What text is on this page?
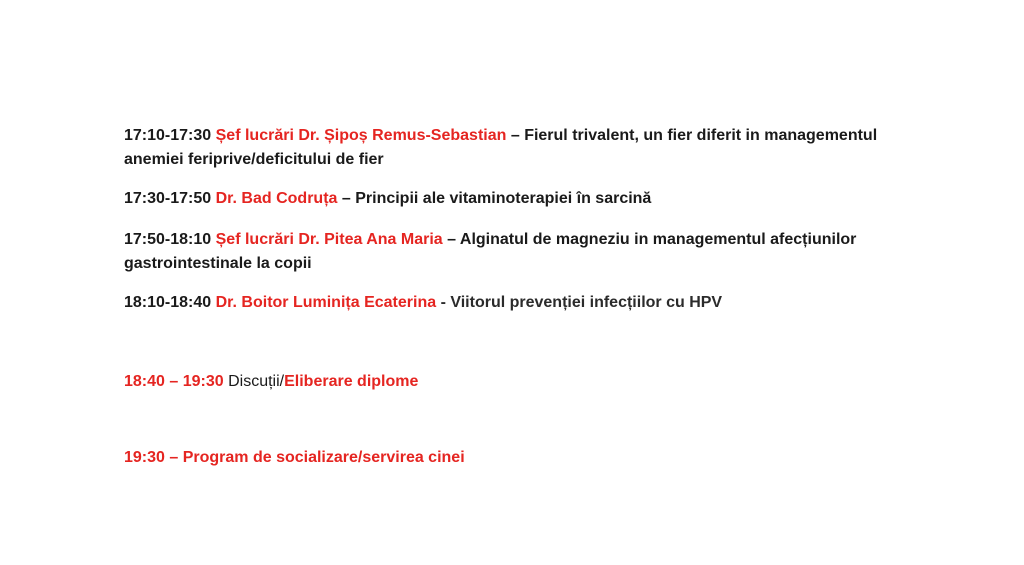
17:10-17:30 Șef lucrări Dr. Șipoș Remus-Sebastian – Fierul trivalent, un fier diferit in managementul anemiei feriprive/deficitului de fier

17:30-17:50 Dr. Bad Codruța – Principii ale vitaminoterapiei în sarcină

17:50-18:10 Șef lucrări Dr. Pitea Ana Maria – Alginatul de magneziu in managementul afecțiunilor gastrointestinale la copii

18:10-18:40 Dr. Boitor Luminița Ecaterina - Viitorul prevenției infecțiilor cu HPV

18:40 – 19:30 Discuții/Eliberare diplome

19:30 – Program de socializare/servirea cinei
